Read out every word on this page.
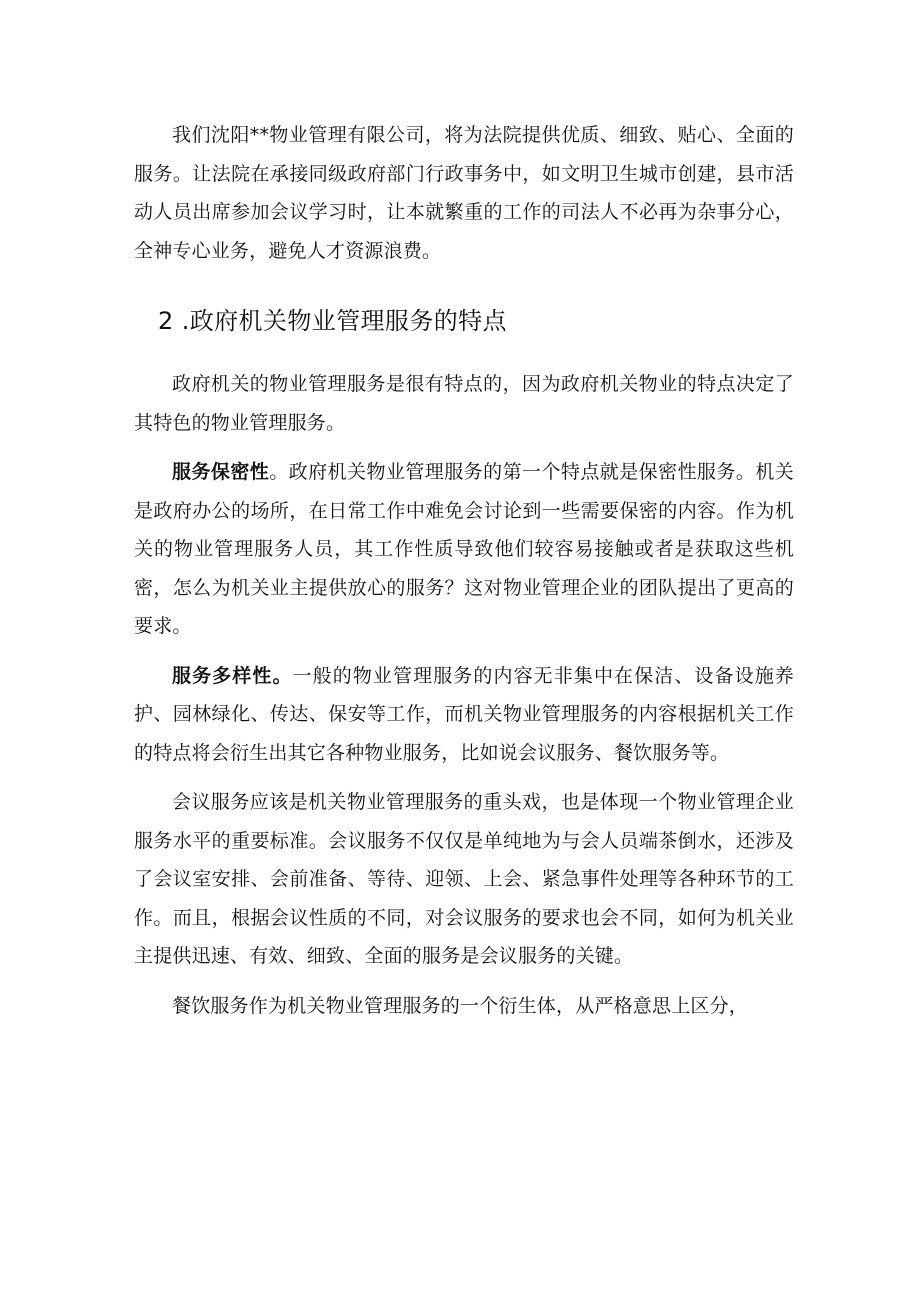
我们沈阳**物业管理有限公司，将为法院提供优质、细致、贴心、全面的服务。让法院在承接同级政府部门行政事务中，如文明卫生城市创建，县市活动人员出席参加会议学习时，让本就繁重的工作的司法人不必再为杂事分心，全神专心业务，避免人才资源浪费。

2 .政府机关物业管理服务的特点

政府机关的物业管理服务是很有特点的，因为政府机关物业的特点决定了其特色的物业管理服务。

服务保密性。政府机关物业管理服务的第一个特点就是保密性服务。机关是政府办公的场所，在日常工作中难免会讨论到一些需要保密的内容。作为机关的物业管理服务人员，其工作性质导致他们较容易接触或者是获取这些机密，怎么为机关业主提供放心的服务？这对物业管理企业的团队提出了更高的要求。

服务多样性。一般的物业管理服务的内容无非集中在保洁、设备设施养护、园林绿化、传达、保安等工作，而机关物业管理服务的内容根据机关工作的特点将会衍生出其它各种物业服务，比如说会议服务、餐饮服务等。

会议服务应该是机关物业管理服务的重头戏，也是体现一个物业管理企业服务水平的重要标准。会议服务不仅仅是单纯地为与会人员端茶倒水，还涉及了会议室安排、会前准备、等待、迎领、上会、紧急事件处理等各种环节的工作。而且，根据会议性质的不同，对会议服务的要求也会不同，如何为机关业主提供迅速、有效、细致、全面的服务是会议服务的关键。

餐饮服务作为机关物业管理服务的一个衍生体，从严格意思上区分，
